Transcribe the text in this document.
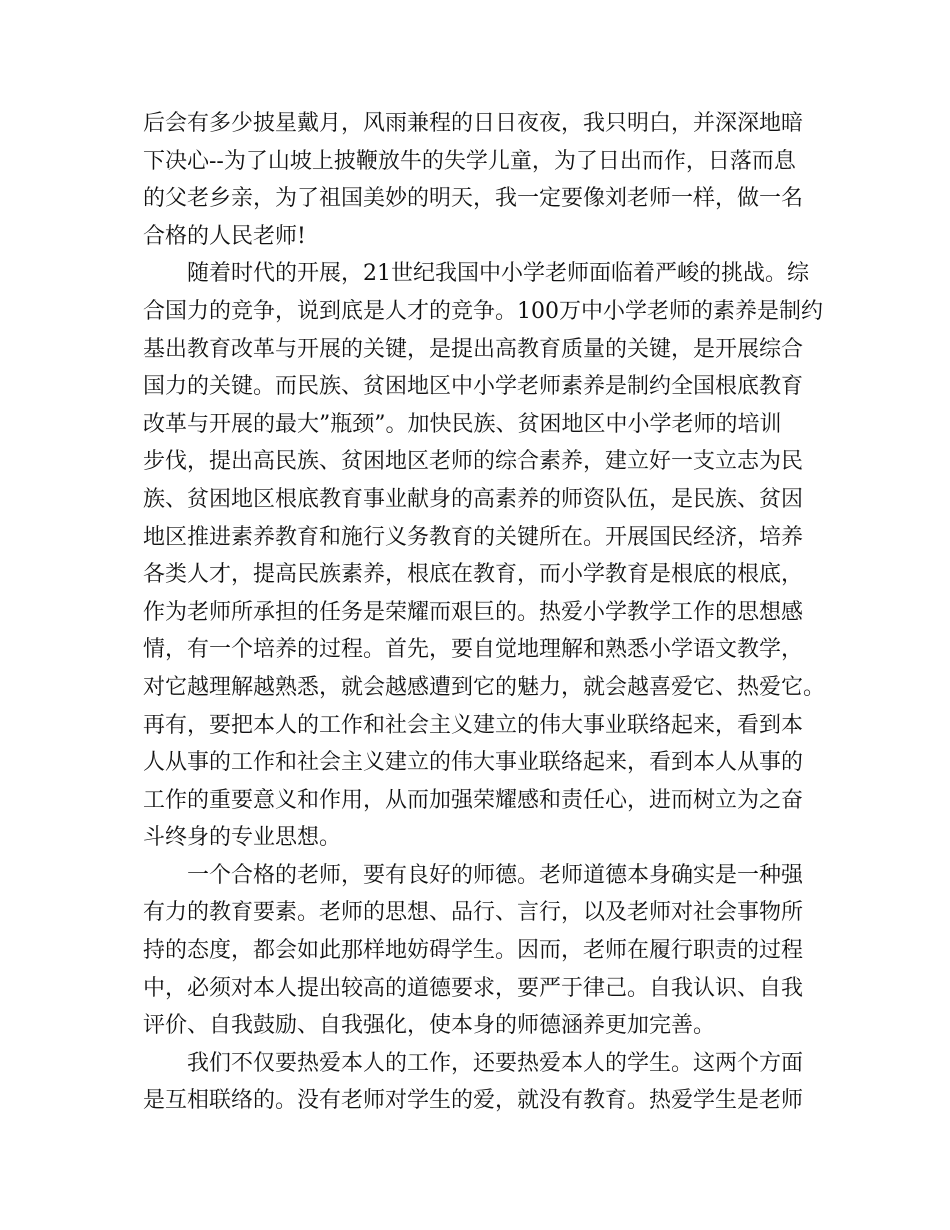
后会有多少披星戴月，风雨兼程的日日夜夜，我只明白，并深深地暗
下决心--为了山坡上披鞭放牛的失学儿童，为了日出而作，日落而息
的父老乡亲，为了祖国美妙的明天，我一定要像刘老师一样，做一名
合格的人民老师!
随着时代的开展，21世纪我国中小学老师面临着严峻的挑战。综
合国力的竞争，说到底是人才的竞争。100万中小学老师的素养是制约
基出教育改革与开展的关键，是提出高教育质量的关键，是开展综合
国力的关键。而民族、贫困地区中小学老师素养是制约全国根底教育
改革与开展的最大”瓶颈”。加快民族、贫困地区中小学老师的培训
步伐，提出高民族、贫困地区老师的综合素养，建立好一支立志为民
族、贫困地区根底教育事业献身的高素养的师资队伍，是民族、贫因
地区推进素养教育和施行义务教育的关键所在。开展国民经济，培养
各类人才，提高民族素养，根底在教育，而小学教育是根底的根底，
作为老师所承担的任务是荣耀而艰巨的。热爱小学教学工作的思想感
情，有一个培养的过程。首先，要自觉地理解和熟悉小学语文教学，
对它越理解越熟悉，就会越感遭到它的魅力，就会越喜爱它、热爱它。
再有，要把本人的工作和社会主义建立的伟大事业联络起来，看到本
人从事的工作和社会主义建立的伟大事业联络起来，看到本人从事的
工作的重要意义和作用，从而加强荣耀感和责任心，进而树立为之奋
斗终身的专业思想。
一个合格的老师，要有良好的师德。老师道德本身确实是一种强
有力的教育要素。老师的思想、品行、言行，以及老师对社会事物所
持的态度，都会如此那样地妨碍学生。因而，老师在履行职责的过程
中，必须对本人提出较高的道德要求，要严于律己。自我认识、自我
评价、自我鼓励、自我强化，使本身的师德涵养更加完善。
我们不仅要热爱本人的工作，还要热爱本人的学生。这两个方面
是互相联络的。没有老师对学生的爱，就没有教育。热爱学生是老师
